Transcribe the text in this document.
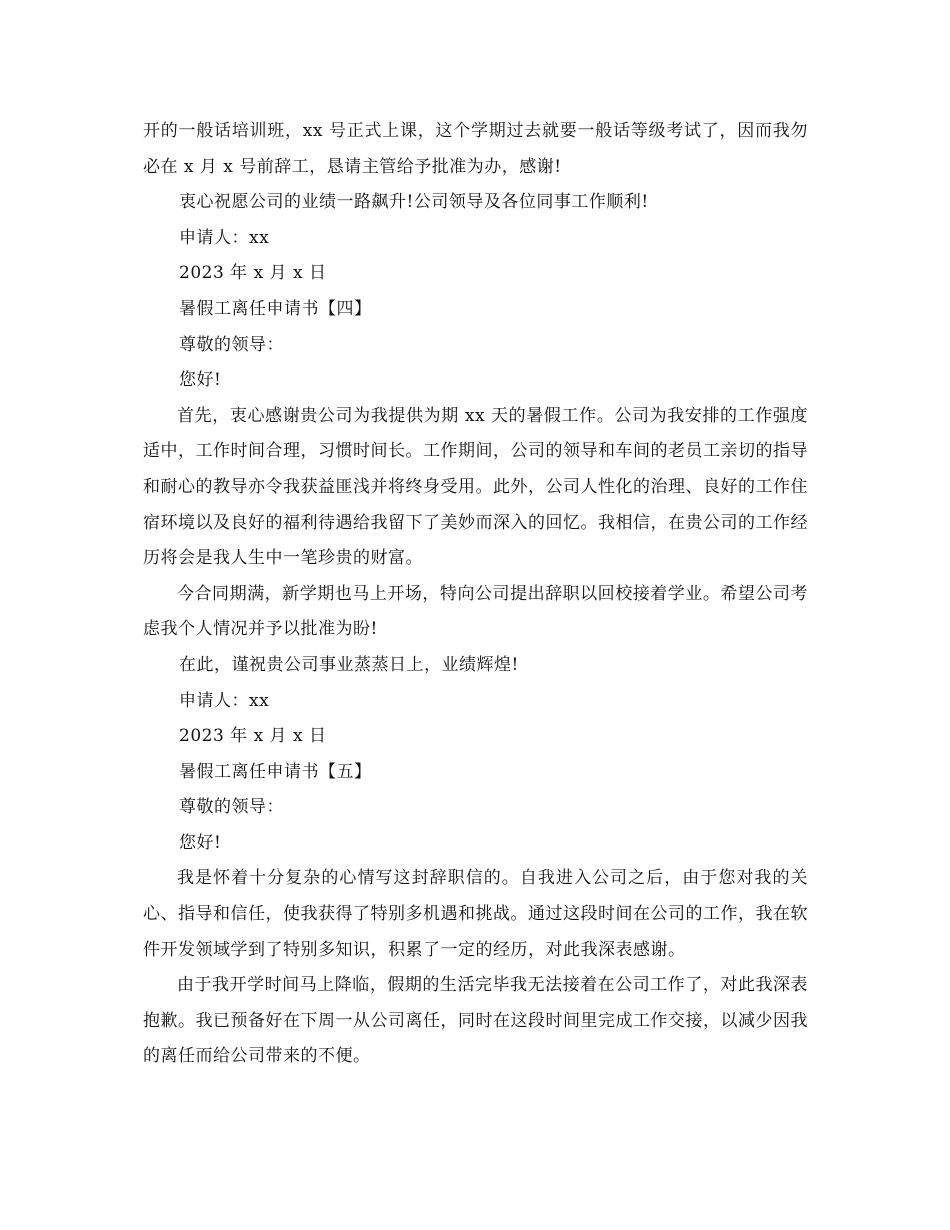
开的一般话培训班，xx 号正式上课，这个学期过去就要一般话等级考试了，因而我勿必在 x 月 x 号前辞工，恳请主管给予批准为办，感谢!

衷心祝愿公司的业绩一路飙升!公司领导及各位同事工作顺利!

申请人：xx

2023 年 x 月 x 日

暑假工离任申请书【四】

尊敬的领导：

您好!

首先，衷心感谢贵公司为我提供为期 xx 天的暑假工作。公司为我安排的工作强度适中，工作时间合理，习惯时间长。工作期间，公司的领导和车间的老员工亲切的指导和耐心的教导亦令我获益匪浅并将终身受用。此外，公司人性化的治理、良好的工作住宿环境以及良好的福利待遇给我留下了美妙而深入的回忆。我相信，在贵公司的工作经历将会是我人生中一笔珍贵的财富。

今合同期满，新学期也马上开场，特向公司提出辞职以回校接着学业。希望公司考虑我个人情况并予以批准为盼!

在此，谨祝贵公司事业蒸蒸日上，业绩辉煌!

申请人：xx

2023 年 x 月 x 日

暑假工离任申请书【五】

尊敬的领导：

您好!

我是怀着十分复杂的心情写这封辞职信的。自我进入公司之后，由于您对我的关心、指导和信任，使我获得了特别多机遇和挑战。通过这段时间在公司的工作，我在软件开发领域学到了特别多知识，积累了一定的经历，对此我深表感谢。

由于我开学时间马上降临，假期的生活完毕我无法接着在公司工作了，对此我深表抱歉。我已预备好在下周一从公司离任，同时在这段时间里完成工作交接，以减少因我的离任而给公司带来的不便。
